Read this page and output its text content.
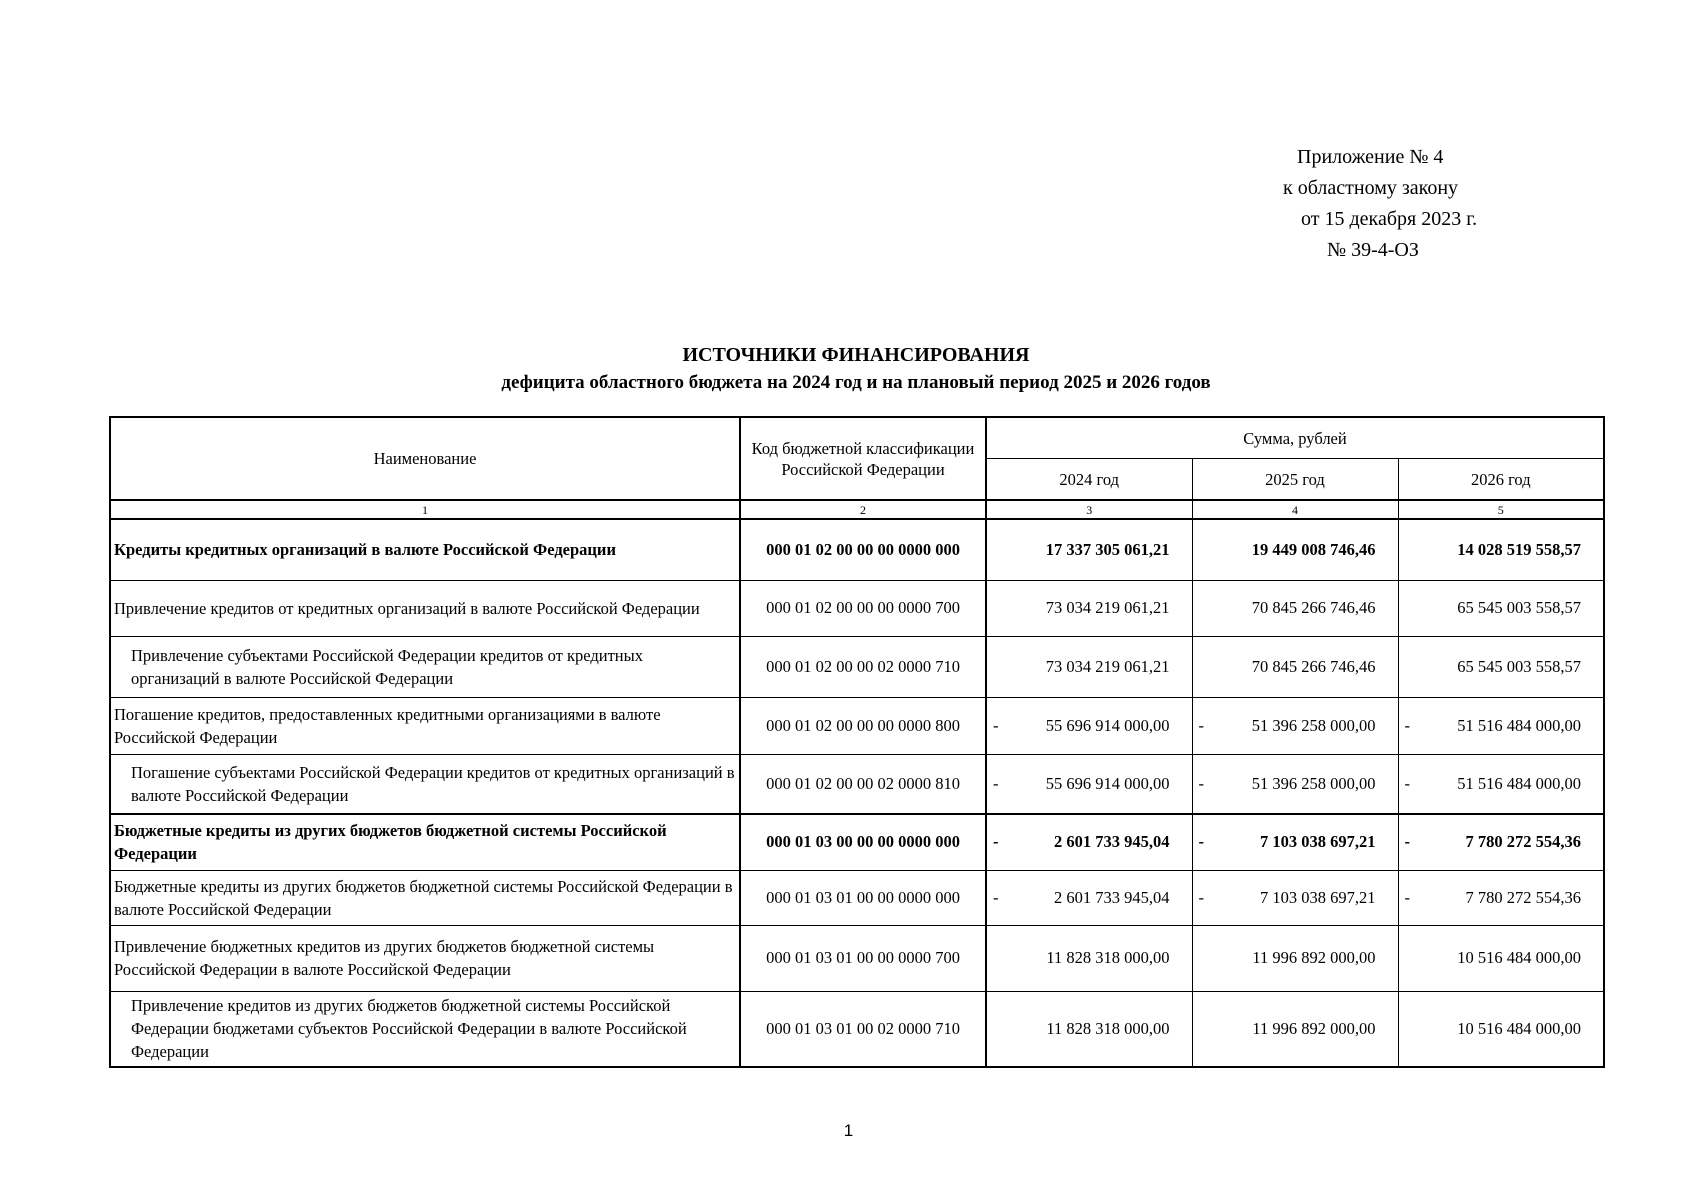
Приложение № 4
к областному закону
от 15 декабря 2023 г.
№ 39-4-ОЗ
ИСТОЧНИКИ ФИНАНСИРОВАНИЯ
дефицита областного бюджета на 2024 год и на плановый период 2025 и 2026 годов
Наименование	Код бюджетной классификации Российской Федерации	Сумма, рублей		
		2024 год	2025 год	2026 год
1	2	3	4	5
Кредиты кредитных организаций в валюте Российской Федерации	000 01 02 00 00 00 0000 000	17 337 305 061,21	19 449 008 746,46	14 028 519 558,57

Привлечение кредитов от кредитных организаций в валюте Российской Федерации	000 01 02 00 00 00 0000 700	73 034 219 061,21	70 845 266 746,46	65 545 003 558,57

Привлечение субъектами Российской Федерации кредитов от кредитных организаций в валюте Российской Федерации	000 01 02 00 00 02 0000 710	73 034 219 061,21	70 845 266 746,46	65 545 003 558,57

Погашение кредитов, предоставленных кредитными организациями в валюте Российской Федерации	000 01 02 00 00 00 0000 800	- 55 696 914 000,00	- 51 396 258 000,00	- 51 516 484 000,00

Погашение субъектами Российской Федерации кредитов от кредитных организаций в валюте Российской Федерации	000 01 02 00 00 02 0000 810	- 55 696 914 000,00	- 51 396 258 000,00	- 51 516 484 000,00

Бюджетные кредиты из других бюджетов бюджетной системы Российской Федерации	000 01 03 00 00 00 0000 000	- 2 601 733 945,04	- 7 103 038 697,21	- 7 780 272 554,36

Бюджетные кредиты из других бюджетов бюджетной системы Российской Федерации в валюте Российской Федерации	000 01 03 01 00 00 0000 000	- 2 601 733 945,04	- 7 103 038 697,21	- 7 780 272 554,36

Привлечение бюджетных кредитов из других бюджетов бюджетной системы Российской Федерации в валюте Российской Федерации	000 01 03 01 00 00 0000 700	11 828 318 000,00	11 996 892 000,00	10 516 484 000,00

Привлечение кредитов из других бюджетов бюджетной системы Российской Федерации бюджетами субъектов Российской Федерации в валюте Российской Федерации	000 01 03 01 00 02 0000 710	11 828 318 000,00	11 996 892 000,00	10 516 484 000,00
1
